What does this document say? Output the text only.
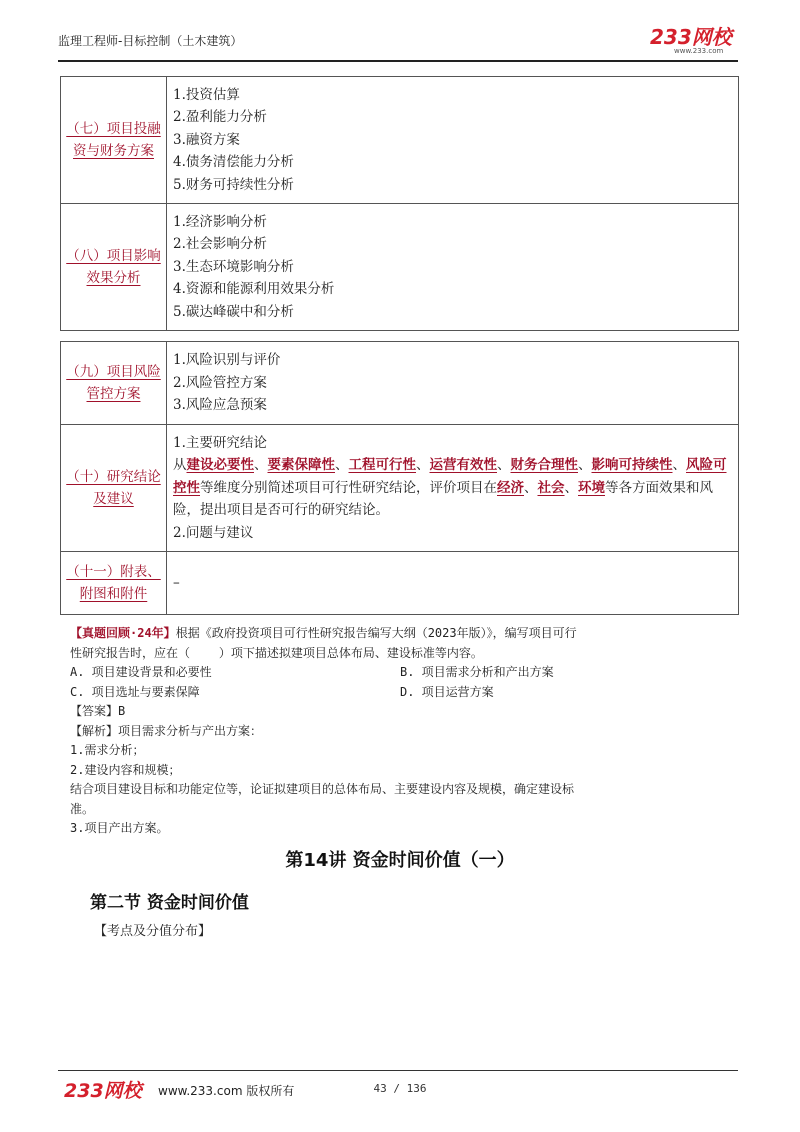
监理工程师-目标控制（土木建筑）	233网校
www.233.com
（七）项目投融资与财务方案	1.投资估算
2.盈利能力分析
3.融资方案
4.债务清偿能力分析
5.财务可持续性分析

（八）项目影响效果分析	1.经济影响分析
2.社会影响分析
3.生态环境影响分析
4.资源和能源利用效果分析
5.碳达峰碳中和分析
（九）项目风险管控方案	1.风险识别与评价
2.风险管控方案
3.风险应急预案

（十）研究结论及建议	1.主要研究结论
从建设必要性、要素保障性、工程可行性、运营有效性、财务合理性、影响可持续性、风险可控性等维度分别简述项目可行性研究结论，评价项目在经济、社会、环境等各方面效果和风险，提出项目是否可行的研究结论。
2.问题与建议

（十一）附表、附图和附件	–
【真题回顾·24年】根据《政府投资项目可行性研究报告编写大纲（2023年版）》，编写项目可行
性研究报告时，应在（    ）项下描述拟建项目总体布局、建设标准等内容。
A. 项目建设背景和必要性	B. 项目需求分析和产出方案
C. 项目选址与要素保障	D. 项目运营方案
【答案】B
【解析】项目需求分析与产出方案：
1.需求分析；
2.建设内容和规模；
结合项目建设目标和功能定位等，论证拟建项目的总体布局、主要建设内容及规模，确定建设标
准。
3.项目产出方案。
第14讲 资金时间价值（一）
第二节 资金时间价值
【考点及分值分布】
233网校 www.233.com 版权所有	43 / 136
